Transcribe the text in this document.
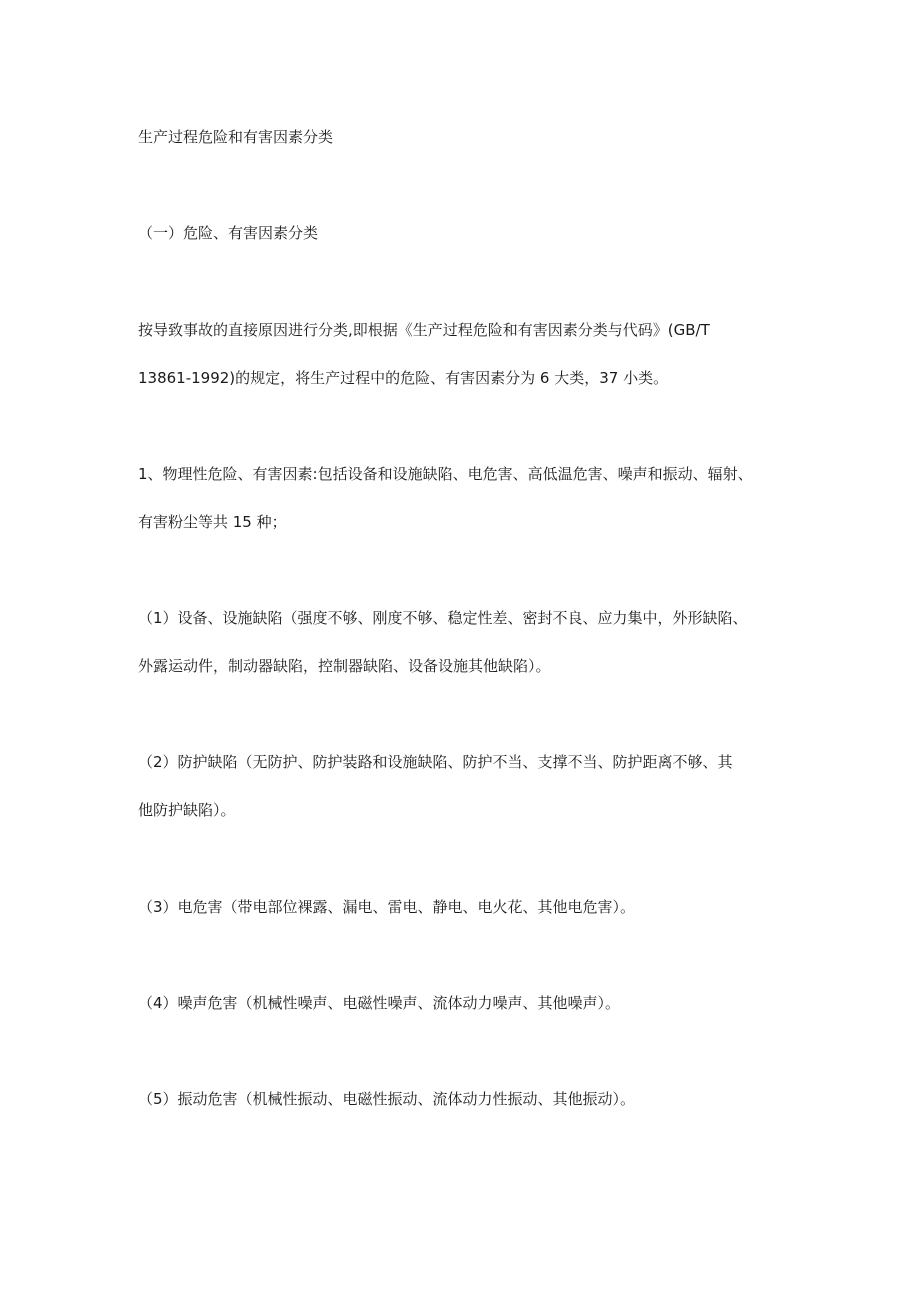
生产过程危险和有害因素分类

（一）危险、有害因素分类

按导致事故的直接原因进行分类,即根据《生产过程危险和有害因素分类与代码》(GB/T
13861-1992)的规定，将生产过程中的危险、有害因素分为 6 大类，37 小类。

1、物理性危险、有害因素:包括设备和设施缺陷、电危害、高低温危害、噪声和振动、辐射、
有害粉尘等共 15 种；

（1）设备、设施缺陷（强度不够、刚度不够、稳定性差、密封不良、应力集中，外形缺陷、
外露运动件，制动器缺陷，控制器缺陷、设备设施其他缺陷）。

（2）防护缺陷（无防护、防护装路和设施缺陷、防护不当、支撑不当、防护距离不够、其
他防护缺陷）。

（3）电危害（带电部位裸露、漏电、雷电、静电、电火花、其他电危害）。

（4）噪声危害（机械性噪声、电磁性噪声、流体动力噪声、其他噪声）。

（5）振动危害（机械性振动、电磁性振动、流体动力性振动、其他振动）。
